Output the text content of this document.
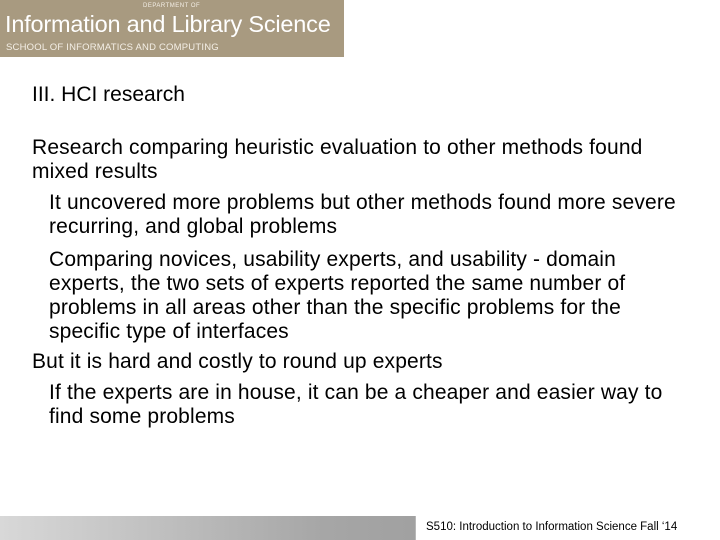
DEPARTMENT OF
Information and Library Science
SCHOOL OF INFORMATICS AND COMPUTING
III. HCI research

Research comparing heuristic evaluation to other methods found mixed results

It uncovered more problems but other methods found more severe recurring, and global problems

Comparing novices, usability experts, and usability - domain experts, the two sets of experts reported the same number of problems in all areas other than the specific problems for the specific type of interfaces

But it is hard and costly to round up experts

If the experts are in house, it can be a cheaper and easier way to find some problems

S510: Introduction to Information Science Fall ‘14
